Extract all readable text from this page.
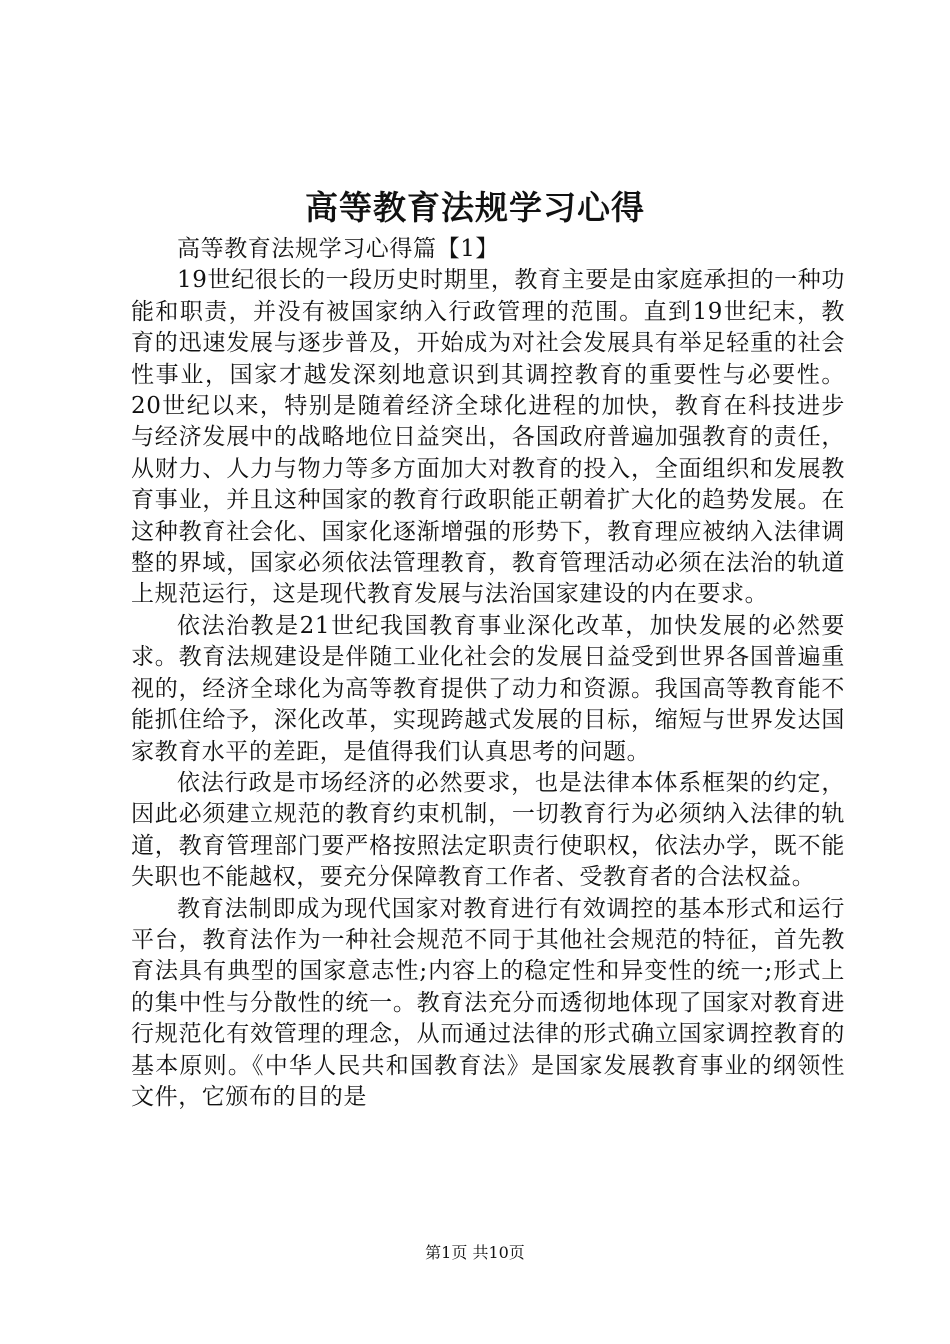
高等教育法规学习心得

高等教育法规学习心得篇【1】

19世纪很长的一段历史时期里，教育主要是由家庭承担的一种功能和职责，并没有被国家纳入行政管理的范围。直到19世纪末，教育的迅速发展与逐步普及，开始成为对社会发展具有举足轻重的社会性事业，国家才越发深刻地意识到其调控教育的重要性与必要性。20世纪以来，特别是随着经济全球化进程的加快，教育在科技进步与经济发展中的战略地位日益突出，各国政府普遍加强教育的责任，从财力、人力与物力等多方面加大对教育的投入，全面组织和发展教育事业，并且这种国家的教育行政职能正朝着扩大化的趋势发展。在这种教育社会化、国家化逐渐增强的形势下，教育理应被纳入法律调整的界域，国家必须依法管理教育，教育管理活动必须在法治的轨道上规范运行，这是现代教育发展与法治国家建设的内在要求。

依法治教是21世纪我国教育事业深化改革，加快发展的必然要求。教育法规建设是伴随工业化社会的发展日益受到世界各国普遍重视的，经济全球化为高等教育提供了动力和资源。我国高等教育能不能抓住给予，深化改革，实现跨越式发展的目标，缩短与世界发达国家教育水平的差距，是值得我们认真思考的问题。

依法行政是市场经济的必然要求，也是法律本体系框架的约定，因此必须建立规范的教育约束机制，一切教育行为必须纳入法律的轨道，教育管理部门要严格按照法定职责行使职权，依法办学，既不能失职也不能越权，要充分保障教育工作者、受教育者的合法权益。

教育法制即成为现代国家对教育进行有效调控的基本形式和运行平台，教育法作为一种社会规范不同于其他社会规范的特征，首先教育法具有典型的国家意志性;内容上的稳定性和异变性的统一;形式上的集中性与分散性的统一。教育法充分而透彻地体现了国家对教育进行规范化有效管理的理念，从而通过法律的形式确立国家调控教育的基本原则。《中华人民共和国教育法》是国家发展教育事业的纲领性文件，它颁布的目的是

第1页 共10页
